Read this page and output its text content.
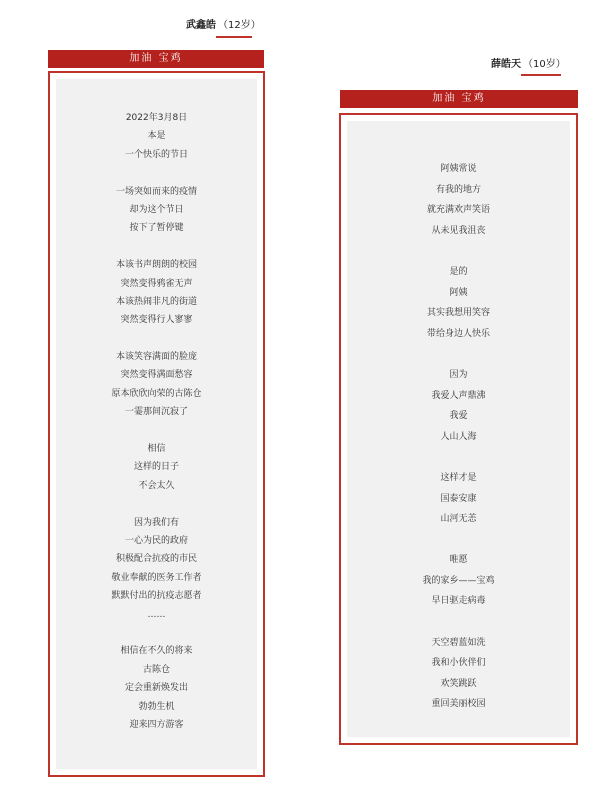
武鑫皓 （12岁）
加油 宝鸡
2022年3月8日
本是
一个快乐的节日
一场突如而来的疫情
却为这个节日
按下了暂停键
本该书声朗朗的校园
突然变得鸦雀无声
本该热闹非凡的街道
突然变得行人寥寥
本该笑容满面的脸庞
突然变得满面愁容
原本欣欣向荣的古陈仓
一霎那间沉寂了
相信
这样的日子
不会太久
因为我们有
一心为民的政府
积极配合抗疫的市民
敬业奉献的医务工作者
默默付出的抗疫志愿者
……
相信在不久的将来
古陈仓
定会重新焕发出
勃勃生机
迎来四方游客
薛皓天 （10岁）
加油 宝鸡
阿姨常说
有我的地方
就充满欢声笑语
从未见我沮丧
是的
阿姨
其实我想用笑容
带给身边人快乐
因为
我爱人声鼎沸
我爱
人山人海
这样才是
国泰安康
山河无恙
唯愿
我的家乡——宝鸡
早日驱走病毒
天空碧蓝如洗
我和小伙伴们
欢笑跳跃
重回美丽校园
